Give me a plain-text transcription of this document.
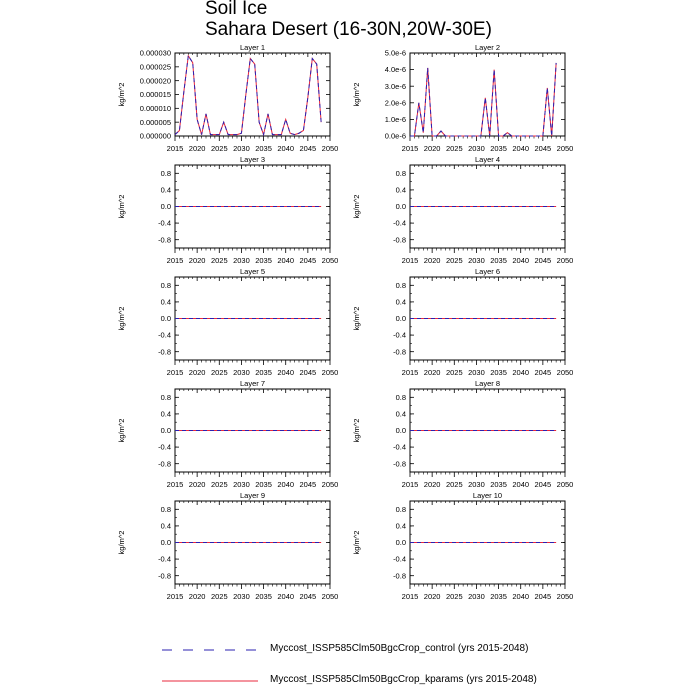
Soil Ice
Sahara Desert (16-30N,20W-30E)
Layer 1
kg/m^2
0.000000
0.000005
0.000010
0.000015
0.000020
0.000025
0.000030
2015 2020 2025 2030 2035 2040 2045 2050
Layer 2
kg/m^2
0.0e-6
1.0e-6
2.0e-6
3.0e-6
4.0e-6
5.0e-6
2015 2020 2025 2030 2035 2040 2045 2050
Layer 3
kg/m^2
-0.8
-0.4
0.0
0.4
0.8
2015 2020 2025 2030 2035 2040 2045 2050
Layer 4
kg/m^2
-0.8
-0.4
0.0
0.4
0.8
2015 2020 2025 2030 2035 2040 2045 2050
Layer 5
kg/m^2
-0.8
-0.4
0.0
0.4
0.8
2015 2020 2025 2030 2035 2040 2045 2050
Layer 6
kg/m^2
-0.8
-0.4
0.0
0.4
0.8
2015 2020 2025 2030 2035 2040 2045 2050
Layer 7
kg/m^2
-0.8
-0.4
0.0
0.4
0.8
2015 2020 2025 2030 2035 2040 2045 2050
Layer 8
kg/m^2
-0.8
-0.4
0.0
0.4
0.8
2015 2020 2025 2030 2035 2040 2045 2050
Layer 9
kg/m^2
-0.8
-0.4
0.0
0.4
0.8
2015 2020 2025 2030 2035 2040 2045 2050
Layer 10
kg/m^2
-0.8
-0.4
0.0
0.4
0.8
2015 2020 2025 2030 2035 2040 2045 2050
Myccost_ISSP585Clm50BgcCrop_control (yrs 2015-2048)
Myccost_ISSP585Clm50BgcCrop_kparams (yrs 2015-2048)
